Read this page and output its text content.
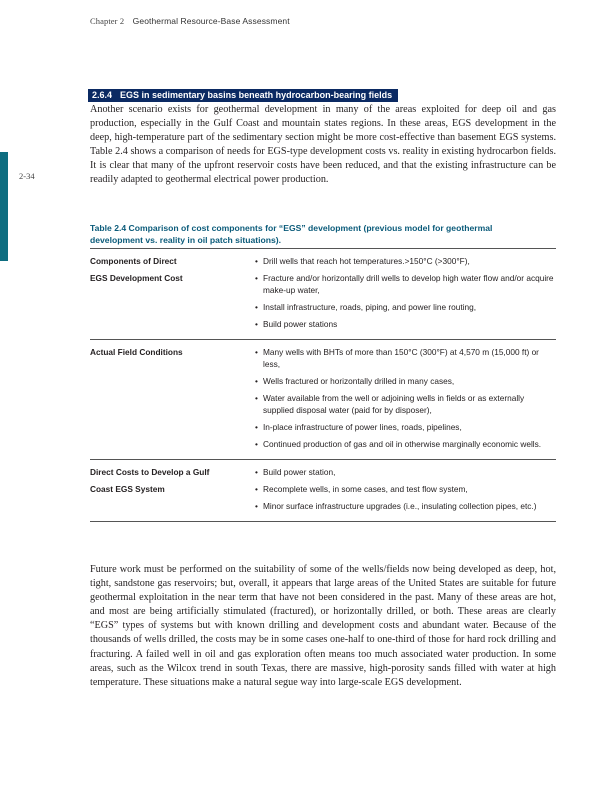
Chapter 2 Geothermal Resource-Base Assessment
2-34
2.6.4 EGS in sedimentary basins beneath hydrocarbon-bearing fields

Another scenario exists for geothermal development in many of the areas exploited for deep oil and gas production, especially in the Gulf Coast and mountain states regions. In these areas, EGS development in the deep, high-temperature part of the sedimentary section might be more cost-effective than basement EGS systems. Table 2.4 shows a comparison of needs for EGS-type development costs vs. reality in existing hydrocarbon fields. It is clear that many of the upfront reservoir costs have been reduced, and that the existing infrastructure can be readily adapted to geothermal electrical power production.

Table 2.4 Comparison of cost components for “EGS” development (previous model for geothermal development vs. reality in oil patch situations).
Components of Direct
EGS Development Cost
• Drill wells that reach hot temperatures.>150°C (>300°F),
• Fracture and/or horizontally drill wells to develop high water flow and/or acquire make-up water,
• Install infrastructure, roads, piping, and power line routing,
• Build power stations
Actual Field Conditions
•	Many wells with BHTs of more than 150°C (300°F) at 4,570 m (15,000 ft) or less,
• Wells fractured or horizontally drilled in many cases,
• Water available from the well or adjoining wells in fields or as externally supplied disposal water (paid for by disposer),
• In-place infrastructure of power lines, roads, pipelines,
• Continued production of gas and oil in otherwise marginally economic wells.
Direct Costs to Develop a Gulf
Coast EGS System
• Build power station,
• Recomplete wells, in some cases, and test flow system,
• Minor surface infrastructure upgrades (i.e., insulating collection pipes, etc.)

Future work must be performed on the suitability of some of the wells/fields now being developed as deep, hot, tight, sandstone gas reservoirs; but, overall, it appears that large areas of the United States are suitable for future geothermal exploitation in the near term that have not been considered in the past. Many of these areas are hot, and most are being artificially stimulated (fractured), or horizontally drilled, or both. These areas are clearly “EGS” types of systems but with known drilling and development costs and abundant water. Because of the thousands of wells drilled, the costs may be in some cases one-half to one-third of those for hard rock drilling and fracturing. A failed well in oil and gas exploration often means too much associated water production. In some areas, such as the Wilcox trend in south Texas, there are massive, high-porosity sands filled with water at high temperature. These situations make a natural segue way into large-scale EGS development.
